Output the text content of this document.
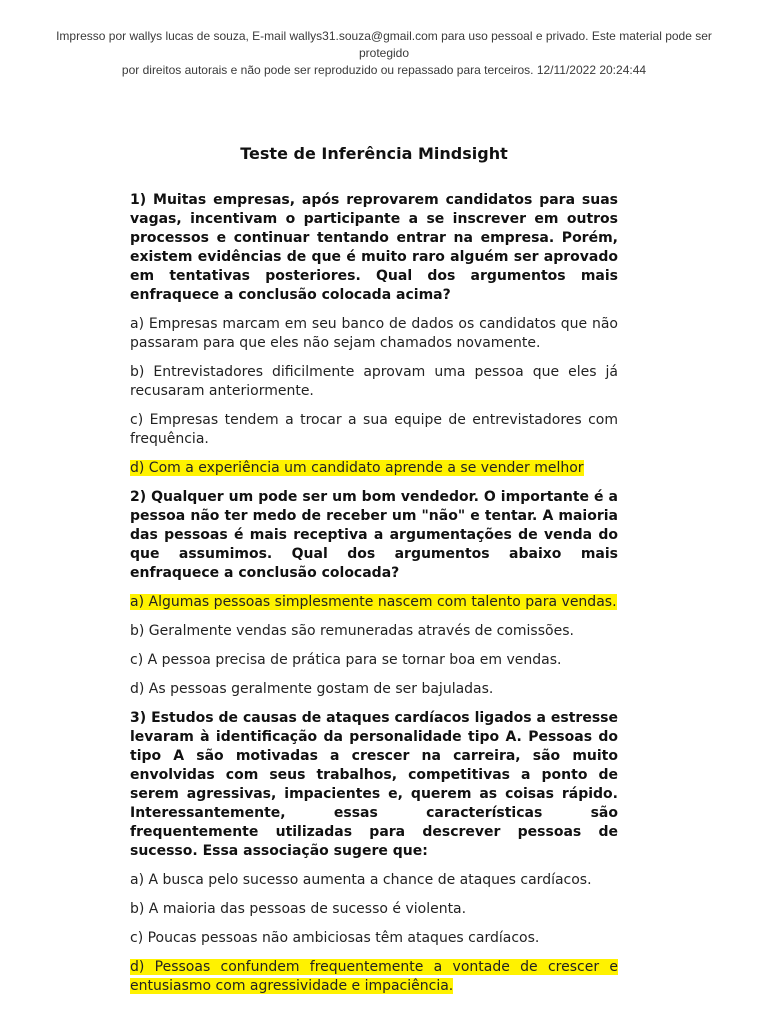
Impresso por wallys lucas de souza, E-mail wallys31.souza@gmail.com para uso pessoal e privado. Este material pode ser protegido
por direitos autorais e não pode ser reproduzido ou repassado para terceiros. 12/11/2022 20:24:44
Teste de Inferência Mindsight

1) Muitas empresas, após reprovarem candidatos para suas vagas, incentivam o participante a se inscrever em outros processos e continuar tentando entrar na empresa. Porém, existem evidências de que é muito raro alguém ser aprovado em tentativas posteriores. Qual dos argumentos mais enfraquece a conclusão colocada acima?

a) Empresas marcam em seu banco de dados os candidatos que não passaram para que eles não sejam chamados novamente.

b) Entrevistadores dificilmente aprovam uma pessoa que eles já recusaram anteriormente.

c) Empresas tendem a trocar a sua equipe de entrevistadores com frequência.

d) Com a experiência um candidato aprende a se vender melhor

2) Qualquer um pode ser um bom vendedor. O importante é a pessoa não ter medo de receber um "não" e tentar. A maioria das pessoas é mais receptiva a argumentações de venda do que assumimos. Qual dos argumentos abaixo mais enfraquece a conclusão colocada?

a) Algumas pessoas simplesmente nascem com talento para vendas.

b) Geralmente vendas são remuneradas através de comissões.

c) A pessoa precisa de prática para se tornar boa em vendas.

d) As pessoas geralmente gostam de ser bajuladas.

3) Estudos de causas de ataques cardíacos ligados a estresse levaram à identificação da personalidade tipo A. Pessoas do tipo A são motivadas a crescer na carreira, são muito envolvidas com seus trabalhos, competitivas a ponto de serem agressivas, impacientes e, querem as coisas rápido. Interessantemente, essas características são frequentemente utilizadas para descrever pessoas de sucesso. Essa associação sugere que:

a) A busca pelo sucesso aumenta a chance de ataques cardíacos.

b) A maioria das pessoas de sucesso é violenta.

c) Poucas pessoas não ambiciosas têm ataques cardíacos.

d) Pessoas confundem frequentemente a vontade de crescer e entusiasmo com agressividade e impaciência.
